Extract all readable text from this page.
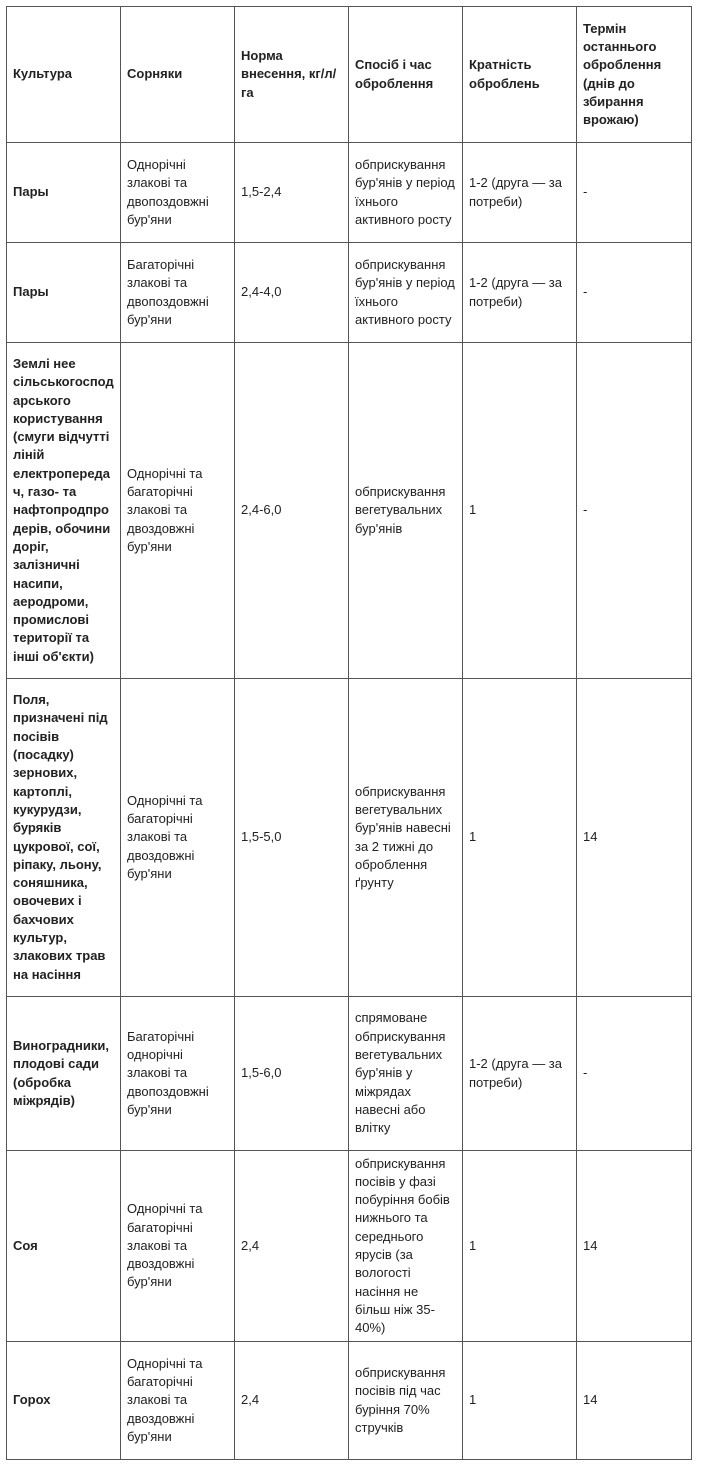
Культура	Сорняки	Норма внесення, кг/л/га	Спосіб і час оброблення	Кратність оброблень	Термін останнього оброблення (днів до збирання врожаю)
Пары	Однорічні злакові та двопоздовжні бур'яни	1,5-2,4	обприскування бур'янів у період їхнього активного росту	1-2 (друга — за потреби)	-
Пары	Багаторічні злакові та двопоздовжні бур'яни	2,4-4,0	обприскування бур'янів у період їхнього активного росту	1-2 (друга — за потреби)	-
Землі нее сільськогосподарського користування (смуги відчутті ліній електропередач, газо- та нафтопродпродерів, обочини доріг, залізничні насипи, аеродроми, промислові території та інші об'єкти)	Однорічні та багаторічні злакові та двоздовжні бур'яни	2,4-6,0	обприскування вегетувальних бур'янів	1	-
Поля, призначені під посівів (посадку) зернових, картоплі, кукурудзи, буряків цукрової, сої, ріпаку, льону, соняшника, овочевих і бахчових культур, злакових трав на насіння	Однорічні та багаторічні злакові та двоздовжні бур'яни	1,5-5,0	обприскування вегетувальних бур'янів навесні за 2 тижні до оброблення ґрунту	1	14
Виноградники, плодові сади (обробка міжрядів)	Багаторічні однорічні злакові та двопоздовжні бур'яни	1,5-6,0	спрямоване обприскування вегетувальних бур'янів у міжрядах навесні або влітку	1-2 (друга — за потреби)	-
Соя	Однорічні та багаторічні злакові та двоздовжні бур'яни	2,4	обприскування посівів у фазі побуріння бобів нижнього та середнього ярусів (за вологості насіння не більш ніж 35-40%)	1	14
Горох	Однорічні та багаторічні злакові та двоздовжні бур'яни	2,4	обприскування посівів під час буріння 70% стручків	1	14
